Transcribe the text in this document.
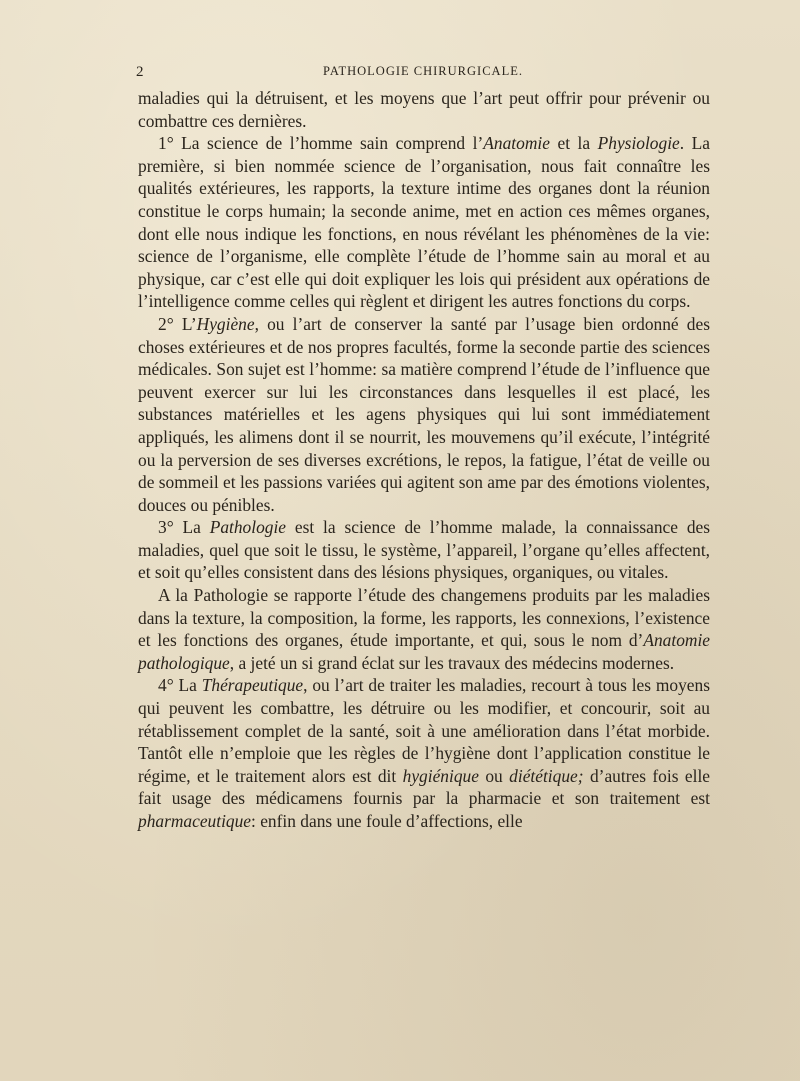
2	PATHOLOGIE CHIRURGICALE.

maladies qui la détruisent, et les moyens que l’art peut offrir pour prévenir ou combattre ces dernières.

1° La science de l’homme sain comprend l’Anatomie et la Physiologie. La première, si bien nommée science de l’organisation, nous fait connaître les qualités extérieures, les rapports, la texture intime des organes dont la réunion constitue le corps humain; la seconde anime, met en action ces mêmes organes, dont elle nous indique les fonctions, en nous révélant les phénomènes de la vie: science de l’organisme, elle complète l’étude de l’homme sain au moral et au physique, car c’est elle qui doit expliquer les lois qui président aux opérations de l’intelligence comme celles qui règlent et dirigent les autres fonctions du corps.

2° L’Hygiène, ou l’art de conserver la santé par l’usage bien ordonné des choses extérieures et de nos propres facultés, forme la seconde partie des sciences médicales. Son sujet est l’homme: sa matière comprend l’étude de l’influence que peuvent exercer sur lui les circonstances dans lesquelles il est placé, les substances matérielles et les agens physiques qui lui sont immédiatement appliqués, les alimens dont il se nourrit, les mouvemens qu’il exécute, l’intégrité ou la perversion de ses diverses excrétions, le repos, la fatigue, l’état de veille ou de sommeil et les passions variées qui agitent son ame par des émotions violentes, douces ou pénibles.

3° La Pathologie est la science de l’homme malade, la connaissance des maladies, quel que soit le tissu, le système, l’appareil, l’organe qu’elles affectent, et soit qu’elles consistent dans des lésions physiques, organiques, ou vitales.

A la Pathologie se rapporte l’étude des changemens produits par les maladies dans la texture, la composition, la forme, les rapports, les connexions, l’existence et les fonctions des organes, étude importante, et qui, sous le nom d’Anatomie pathologique, a jeté un si grand éclat sur les travaux des médecins modernes.

4° La Thérapeutique, ou l’art de traiter les maladies, recourt à tous les moyens qui peuvent les combattre, les détruire ou les modifier, et concourir, soit au rétablissement complet de la santé, soit à une amélioration dans l’état morbide. Tantôt elle n’emploie que les règles de l’hygiène dont l’application constitue le régime, et le traitement alors est dit hygiénique ou diététique; d’autres fois elle fait usage des médicamens fournis par la pharmacie et son traitement est pharmaceutique: enfin dans une foule d’affections, elle
